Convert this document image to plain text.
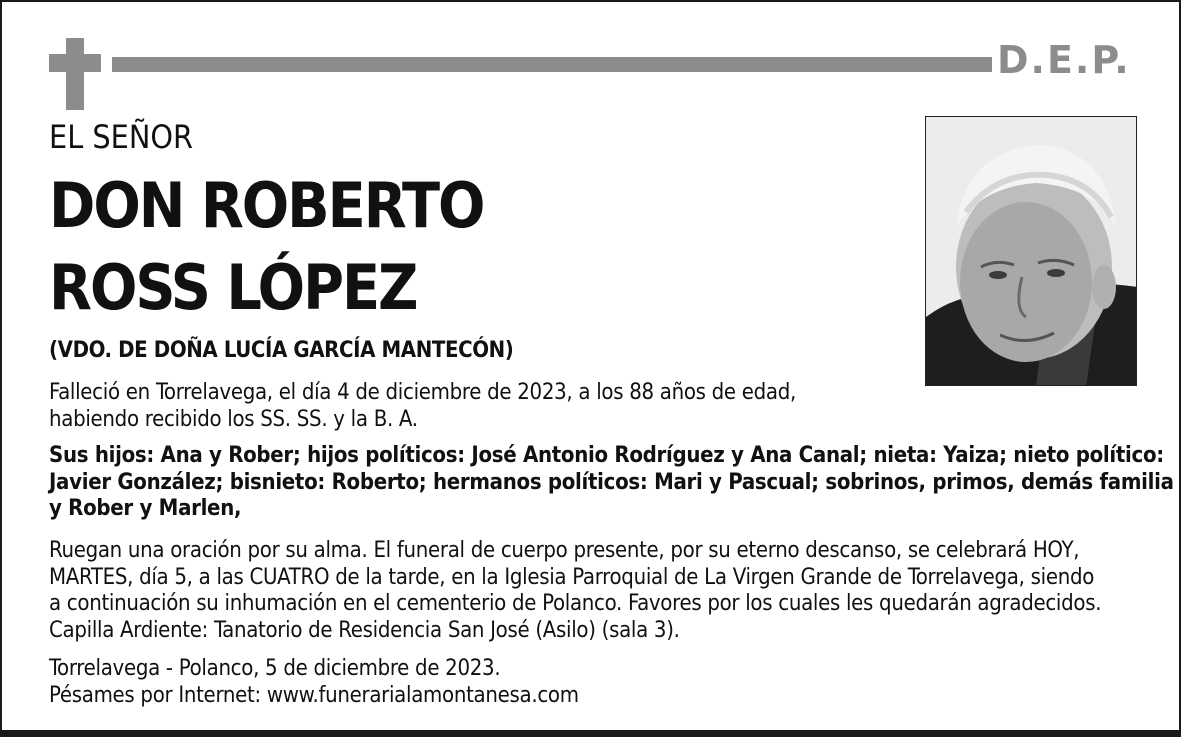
D.E.P.
EL SEÑOR
DON ROBERTO
ROSS LÓPEZ
(VDO. DE DOÑA LUCÍA GARCÍA MANTECÓN)
Falleció en Torrelavega, el día 4 de diciembre de 2023, a los 88 años de edad,
habiendo recibido los SS. SS. y la B. A.
Sus hijos: Ana y Rober; hijos políticos: José Antonio Rodríguez y Ana Canal; nieta: Yaiza; nieto político:
Javier González; bisnieto: Roberto; hermanos políticos: Mari y Pascual; sobrinos, primos, demás familia
y Rober y Marlen,
Ruegan una oración por su alma. El funeral de cuerpo presente, por su eterno descanso, se celebrará HOY,
MARTES, día 5, a las CUATRO de la tarde, en la Iglesia Parroquial de La Virgen Grande de Torrelavega, siendo
a continuación su inhumación en el cementerio de Polanco. Favores por los cuales les quedarán agradecidos.
Capilla Ardiente: Tanatorio de Residencia San José (Asilo) (sala 3).
Torrelavega - Polanco, 5 de diciembre de 2023.
Pésames por Internet: www.funerarialamontanesa.com
